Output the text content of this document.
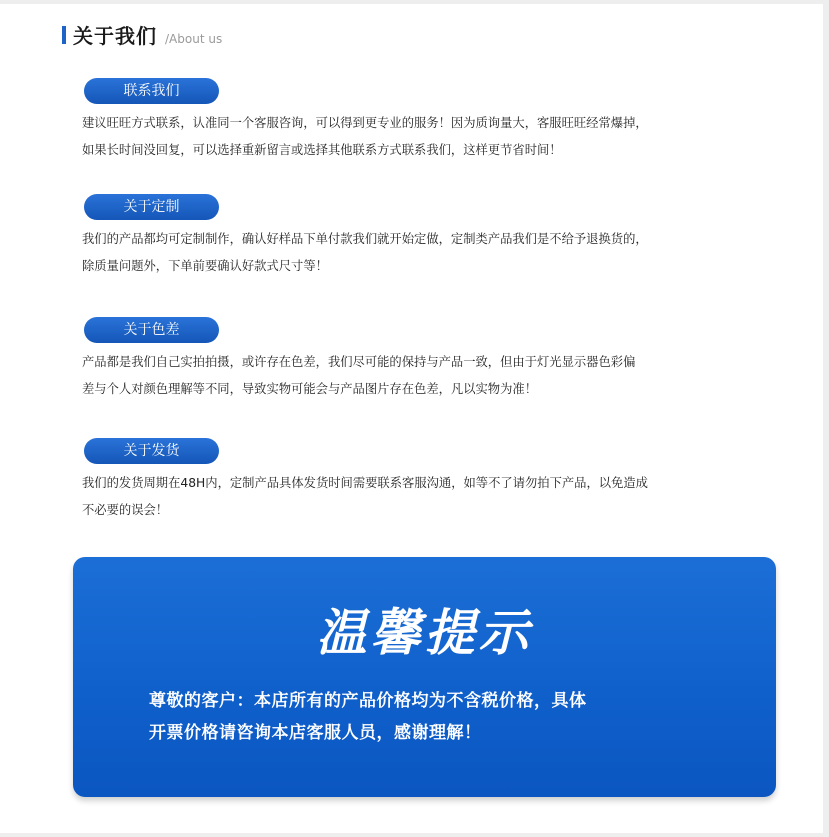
关于我们 /About us
联系我们
建议旺旺方式联系，认准同一个客服咨询，可以得到更专业的服务！因为质询量大，客服旺旺经常爆掉，
如果长时间没回复，可以选择重新留言或选择其他联系方式联系我们，这样更节省时间！
关于定制
我们的产品都均可定制制作，确认好样品下单付款我们就开始定做，定制类产品我们是不给予退换货的，
除质量问题外，下单前要确认好款式尺寸等！
关于色差
产品都是我们自己实拍拍摄，或许存在色差，我们尽可能的保持与产品一致，但由于灯光显示器色彩偏
差与个人对颜色理解等不同，导致实物可能会与产品图片存在色差，凡以实物为准！
关于发货
我们的发货周期在48H内，定制产品具体发货时间需要联系客服沟通，如等不了请勿拍下产品，以免造成
不必要的误会！
温馨提示
尊敬的客户：本店所有的产品价格均为不含税价格，具体
开票价格请咨询本店客服人员，感谢理解！
